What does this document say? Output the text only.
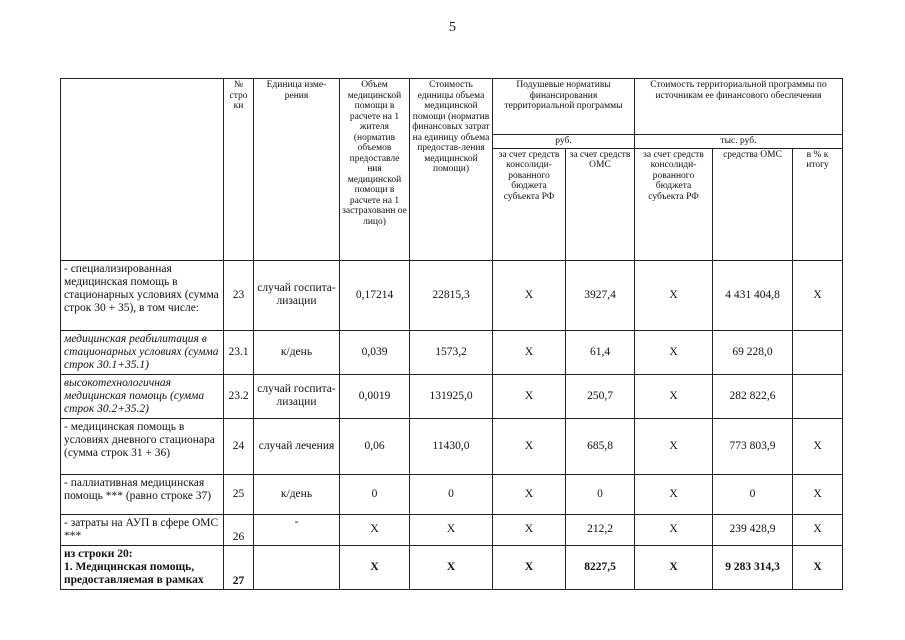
5
	№ стро ки	Единица изме-рения	Объем медицинской помощи в расчете на 1 жителя (норматив объемов предоставле ния медицинской помощи в расчете на 1 застрахованн ое лицо)	Стоимость единицы объема медицинской помощи (норматив финансовых затрат на единицу объема предостав-ления медицинской помощи)	Подушевые нормативы финансирования территориальной программы		Стоимость территориальной программы по источникам ее финансового обеспечения		
					руб.		тыс. руб.		
					за счет средств консолиди-рованного бюджета субъекта РФ	за счет средств ОМС	за счет средств консолиди-рованного бюджета субъекта РФ	средства ОМС	в % к итогу
- специализированная медицинская помощь в стационарных условиях (сумма строк 30 + 35), в том числе:	23	случай госпита-лизации	0,17214	22815,3	X	3927,4	X	4 431 404,8	X
медицинская реабилитация в стационарных условиях (сумма строк 30.1+35.1)	23.1	к/день	0,039	1573,2	X	61,4	X	69 228,0	
высокотехнологичная медицинская помощь (сумма строк 30.2+35.2)	23.2	случай госпита-лизации	0,0019	131925,0	X	250,7	X	282 822,6	
- медицинская помощь в условиях дневного стационара (сумма строк 31 + 36)	24	случай лечения	0,06	11430,0	X	685,8	X	773 803,9	X
- паллиативная медицинская помощь *** (равно строке 37)	25	к/день	0	0	X	0	X	0	X
- затраты на АУП в сфере ОМС ***	26	-	X	X	X	212,2	X	239 428,9	X
из строки 20:
1. Медицинская помощь, предоставляемая в рамках	27		X	X	X	8227,5	X	9 283 314,3	X
